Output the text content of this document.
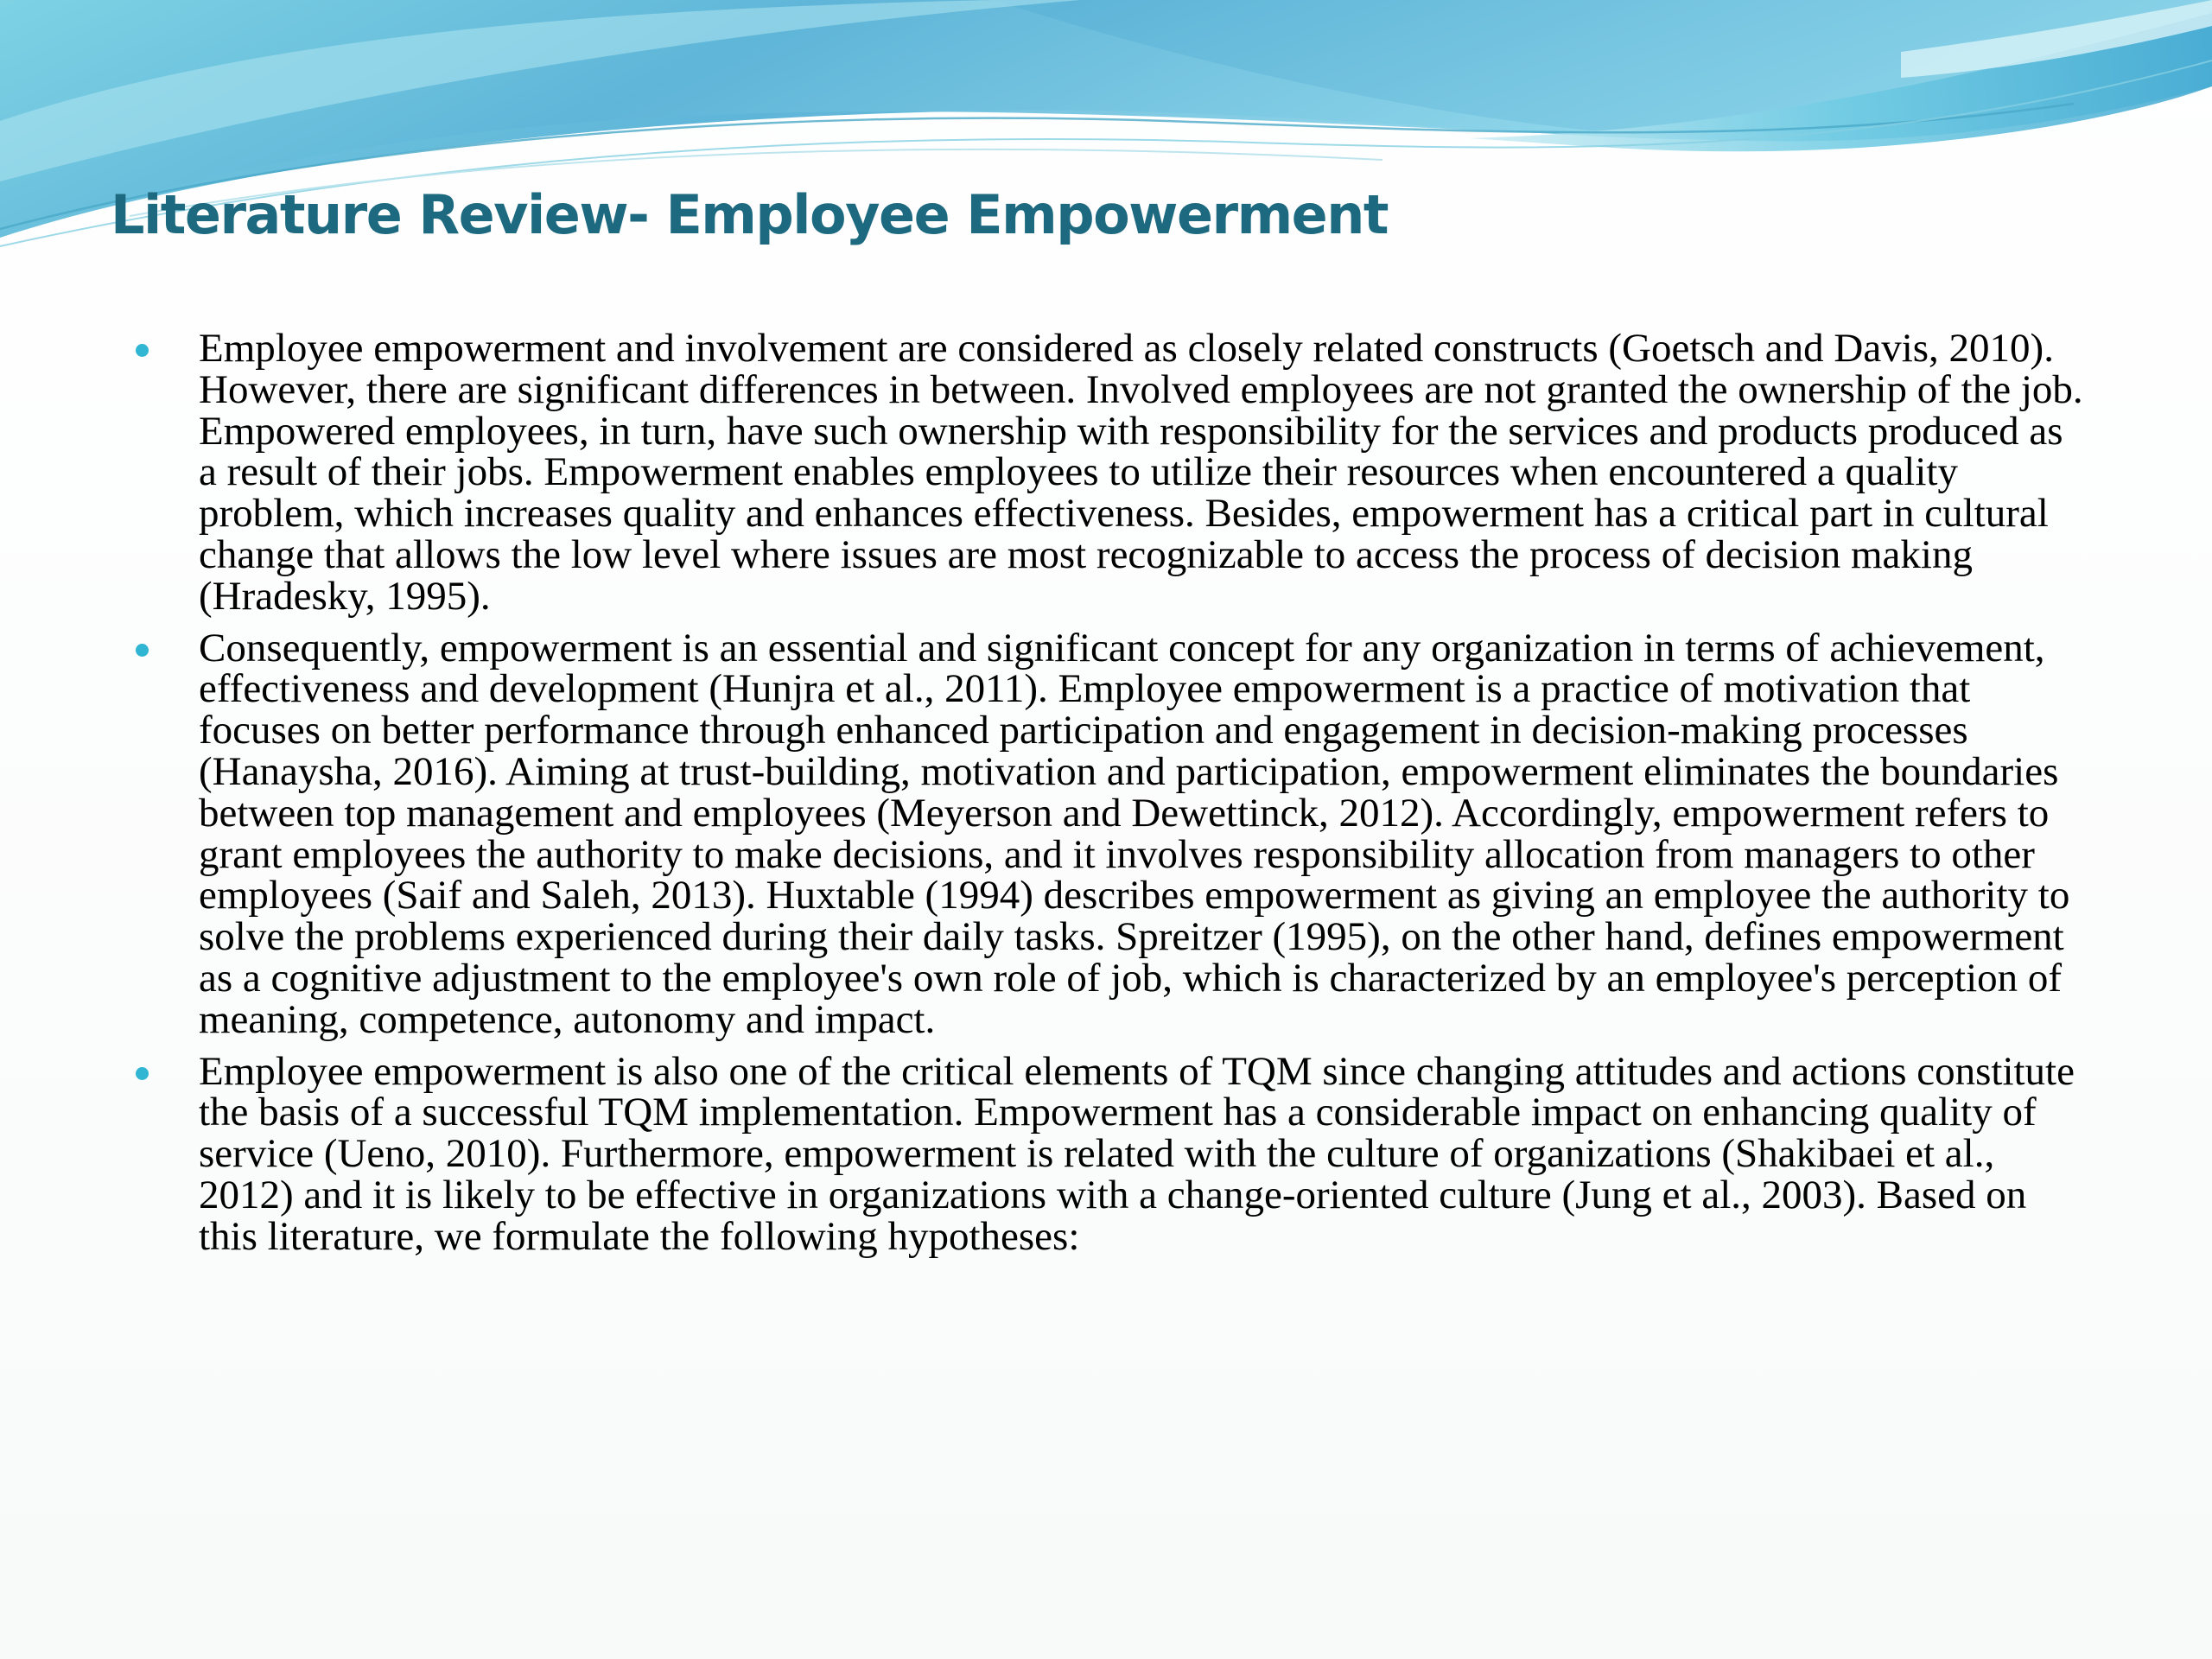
Literature Review- Employee Empowerment
Employee empowerment and involvement are considered as closely related constructs (Goetsch and Davis, 2010). However, there are significant differences in between. Involved employees are not granted the ownership of the job. Empowered employees, in turn, have such ownership with responsibility for the services and products produced as a result of their jobs. Empowerment enables employees to utilize their resources when encountered a quality problem, which increases quality and enhances effectiveness. Besides, empowerment has a critical part in cultural change that allows the low level where issues are most recognizable to access the process of decision making (Hradesky, 1995).
Consequently, empowerment is an essential and significant concept for any organization in terms of achievement, effectiveness and development (Hunjra et al., 2011). Employee empowerment is a practice of motivation that focuses on better performance through enhanced participation and engagement in decision-making processes (Hanaysha, 2016). Aiming at trust-building, motivation and participation, empowerment eliminates the boundaries between top management and employees (Meyerson and Dewettinck, 2012). Accordingly, empowerment refers to grant employees the authority to make decisions, and it involves responsibility allocation from managers to other employees (Saif and Saleh, 2013). Huxtable (1994) describes empowerment as giving an employee the authority to solve the problems experienced during their daily tasks. Spreitzer (1995), on the other hand, defines empowerment as a cognitive adjustment to the employee's own role of job, which is characterized by an employee's perception of meaning, competence, autonomy and impact.
Employee empowerment is also one of the critical elements of TQM since changing attitudes and actions constitute the basis of a successful TQM implementation. Empowerment has a considerable impact on enhancing quality of service (Ueno, 2010). Furthermore, empowerment is related with the culture of organizations (Shakibaei et al., 2012) and it is likely to be effective in organizations with a change-oriented culture (Jung et al., 2003). Based on this literature, we formulate the following hypotheses:
